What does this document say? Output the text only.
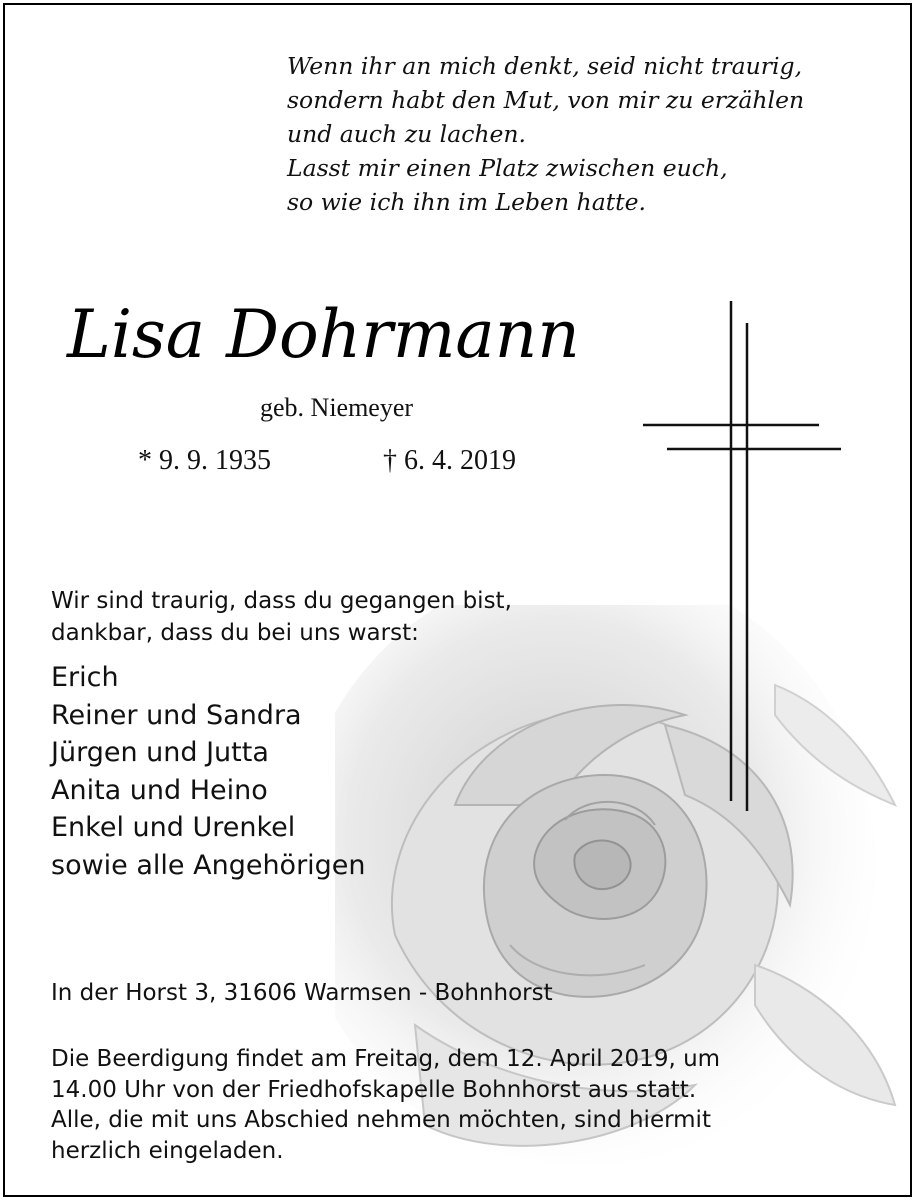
Wenn ihr an mich denkt, seid nicht traurig,
sondern habt den Mut, von mir zu erzählen
und auch zu lachen.
Lasst mir einen Platz zwischen euch,
so wie ich ihn im Leben hatte.
Lisa Dohrmann
geb. Niemeyer
* 9. 9. 1935	† 6. 4. 2019
Wir sind traurig, dass du gegangen bist,
dankbar, dass du bei uns warst:
Erich
Reiner und Sandra
Jürgen und Jutta
Anita und Heino
Enkel und Urenkel
sowie alle Angehörigen
In der Horst 3, 31606 Warmsen - Bohnhorst
Die Beerdigung findet am Freitag, dem 12. April 2019, um
14.00 Uhr von der Friedhofskapelle Bohnhorst aus statt.
Alle, die mit uns Abschied nehmen möchten, sind hiermit
herzlich eingeladen.
